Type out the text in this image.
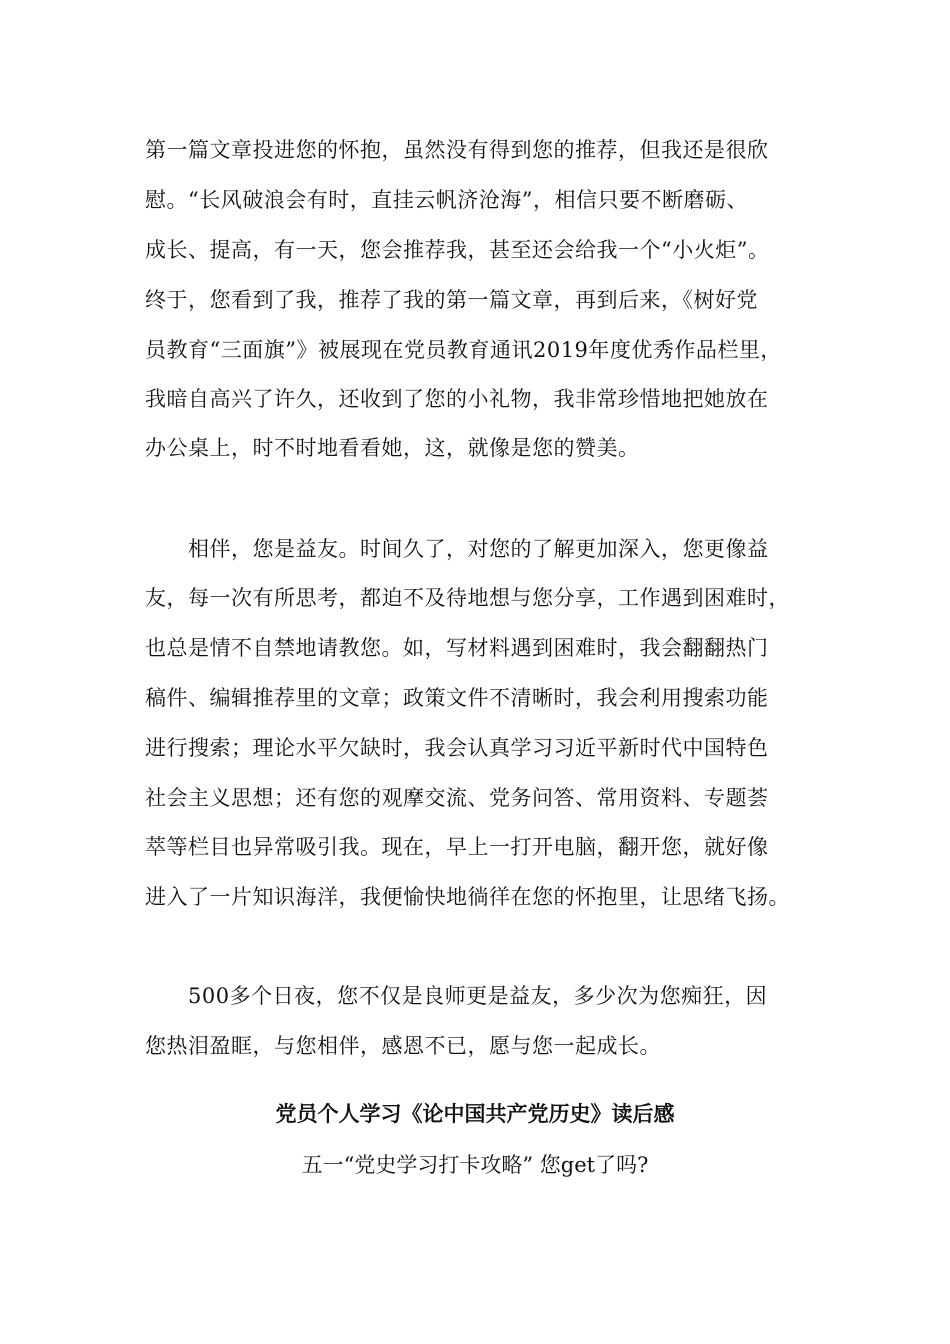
第一篇文章投进您的怀抱，虽然没有得到您的推荐，但我还是很欣
慰。“长风破浪会有时，直挂云帆济沧海”，相信只要不断磨砺、
成长、提高，有一天，您会推荐我，甚至还会给我一个“小火炬”。
终于，您看到了我，推荐了我的第一篇文章，再到后来，《树好党
员教育“三面旗”》被展现在党员教育通讯2019年度优秀作品栏里，
我暗自高兴了许久，还收到了您的小礼物，我非常珍惜地把她放在
办公桌上，时不时地看看她，这，就像是您的赞美。
相伴，您是益友。时间久了，对您的了解更加深入，您更像益
友，每一次有所思考，都迫不及待地想与您分享，工作遇到困难时，
也总是情不自禁地请教您。如，写材料遇到困难时，我会翻翻热门
稿件、编辑推荐里的文章；政策文件不清晰时，我会利用搜索功能
进行搜索；理论水平欠缺时，我会认真学习习近平新时代中国特色
社会主义思想；还有您的观摩交流、党务问答、常用资料、专题荟
萃等栏目也异常吸引我。现在，早上一打开电脑，翻开您，就好像
进入了一片知识海洋，我便愉快地徜徉在您的怀抱里，让思绪飞扬。
500多个日夜，您不仅是良师更是益友，多少次为您痴狂，因
您热泪盈眶，与您相伴，感恩不已，愿与您一起成长。
党员个人学习《论中国共产党历史》读后感
五一“党史学习打卡攻略” 您get了吗?
